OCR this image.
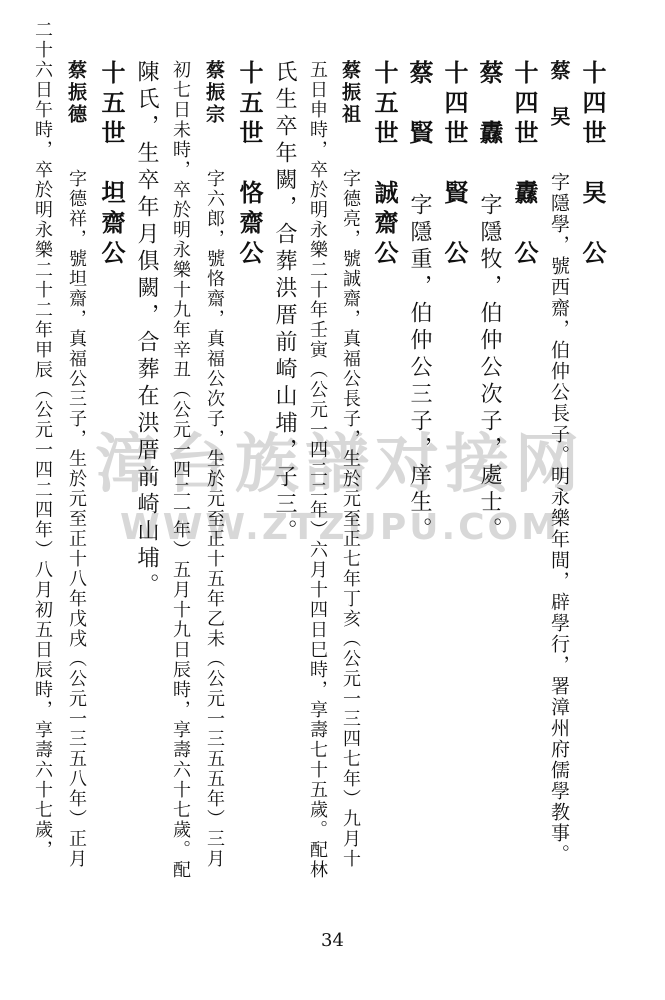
漳台族譜对接网
WWW.ZTZUPU.COM
十四世　旲　公
蔡　旲 字隱學，號西齋，伯仲公長子。明永樂年間，辟學行，署漳州府儒學教事。
十四世　纛　公
蔡　纛 字隱牧，伯仲公次子，處士。
十四世　賢　公
蔡　賢 字隱重，伯仲公三子，庠生。
十五世　誠齋公
蔡振祖 字德亮，號誠齋，真福公長子，生於元至正七年丁亥（公元一三四七年）九月十
五日申時，卒於明永樂二十年壬寅（公元一四二二年）六月十四日巳時，享壽七十五歲。配林
氏生卒年闕，合葬洪厝前崎山埔，子三。
十五世　恪齋公
蔡振宗 字六郎，號恪齋，真福公次子，生於元至正十五年乙未（公元一三五五年）三月
初七日未時，卒於明永樂十九年辛丑（公元一四二一年）五月十九日辰時，享壽六十七歲。配
陳氏，生卒年月俱闕，合葬在洪厝前崎山埔。
十五世　坦齋公
蔡振德 字德祥，號坦齋，真福公三子，生於元至正十八年戊戌（公元一三五八年）正月
二十六日午時，卒於明永樂二十二年甲辰（公元一四二四年）八月初五日辰時，享壽六十七歲，
34
